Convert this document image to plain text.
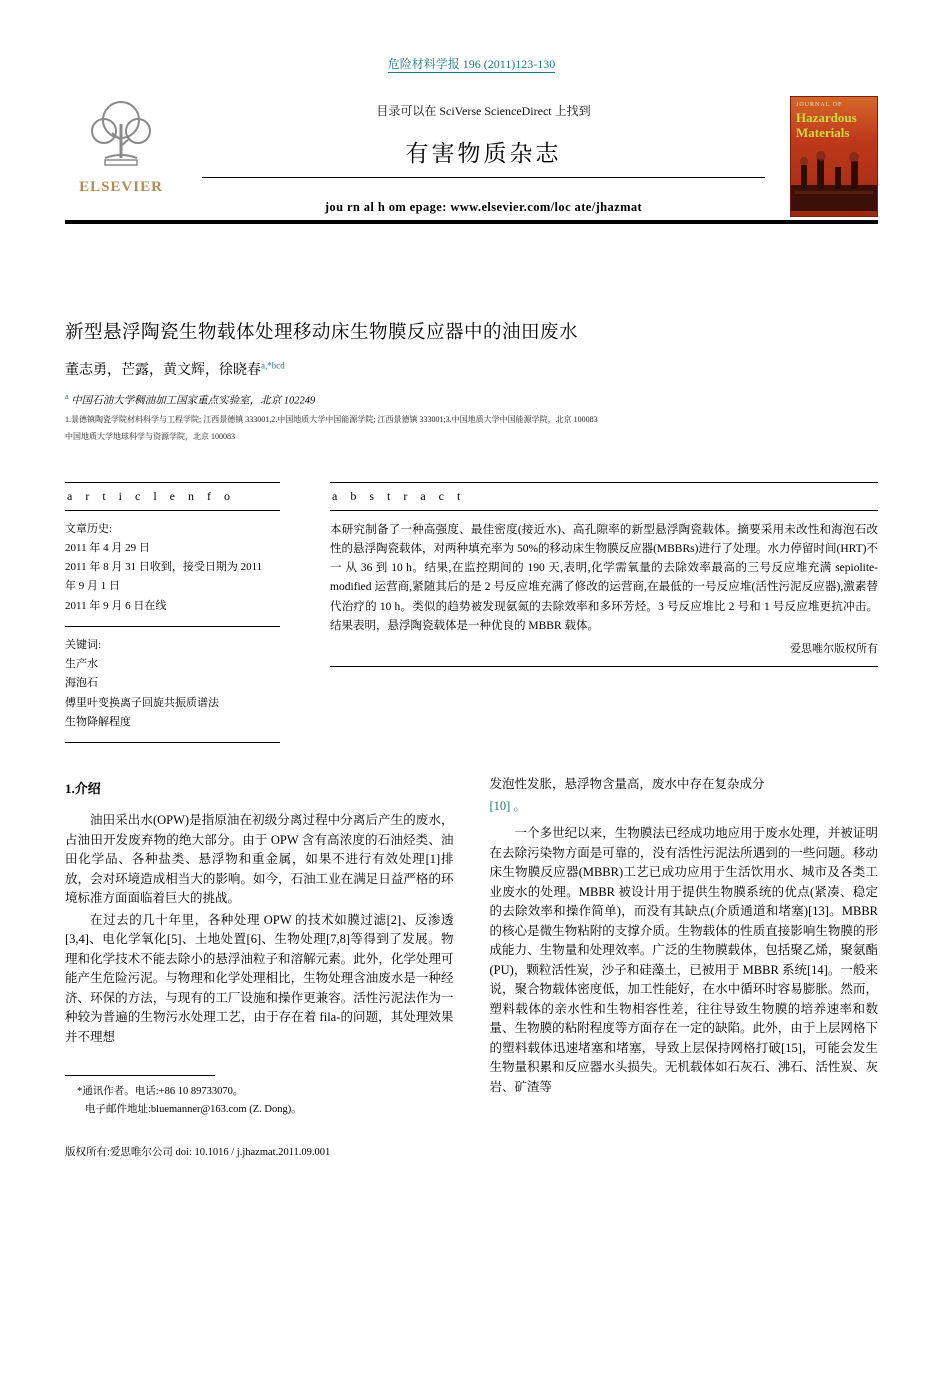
危险材料学报 196 (2011)123-130
ELSEVIER
目录可以在 SciVerse ScienceDirect 上找到
有害物质杂志
jou rn al h om epage: www.elsevier.com/loc ate/jhazmat
JOURNAL OF
Hazardous
Materials
新型悬浮陶瓷生物载体处理移动床生物膜反应器中的油田废水
董志勇，芒露，黄文辉，徐晓春$^{a,*bcd}$
$^a$ 中国石油大学稠油加工国家重点实验室，北京 102249
1.景德镇陶瓷学院材料科学与工程学院; 江西景德镇 333001,2.中国地质大学中国能源学院; 江西景德镇 333001;3.中国地质大学中国能源学院，北京 100083
中国地质大学地球科学与资源学院，北京 100083
a r t i c l e n f o
文章历史:
2011 年 4 月 29 日
2011 年 8 月 31 日收到，接受日期为 2011
年 9 月 1 日
2011 年 9 月 6 日在线
关键词:
生产水
海泡石
傅里叶变换离子回旋共振质谱法
生物降解程度
a b s t r a c t

本研究制备了一种高强度、最佳密度(接近水)、高孔隙率的新型悬浮陶瓷载体。摘要采用未改性和海泡石改性的悬浮陶瓷载体，对两种填充率为 50%的移动床生物膜反应器(MBBRs)进行了处理。水力停留时间(HRT)不一 从 36 到 10 h。结果,在监控期间的 190 天,表明,化学需氧量的去除效率最高的三号反应堆充满 sepiolite-modified 运营商,紧随其后的是 2 号反应堆充满了修改的运营商,在最低的一号反应堆(活性污泥反应器),激素替代治疗的 10 h。类似的趋势被发现氨氮的去除效率和多环芳烃。3 号反应堆比 2 号和 1 号反应堆更抗冲击。结果表明，悬浮陶瓷载体是一种优良的 MBBR 载体。

爱思唯尔版权所有
1.介绍

油田采出水(OPW)是指原油在初级分离过程中分离后产生的废水，占油田开发废弃物的绝大部分。由于 OPW 含有高浓度的石油烃类、油田化学品、各种盐类、悬浮物和重金属，如果不进行有效处理[1]排放，会对环境造成相当大的影响。如今，石油工业在满足日益严格的环境标准方面面临着巨大的挑战。

在过去的几十年里，各种处理 OPW 的技术如膜过滤[2]、反渗透[3,4]、电化学氧化[5]、土地处置[6]、生物处理[7,8]等得到了发展。物理和化学技术不能去除小的悬浮油粒子和溶解元素。此外，化学处理可能产生危险污泥。与物理和化学处理相比，生物处理含油废水是一种经济、环保的方法，与现有的工厂设施和操作更兼容。活性污泥法作为一种较为普遍的生物污水处理工艺，由于存在着 fila-的问题，其处理效果并不理想

*通讯作者。电话:+86 10 89733070。
电子邮件地址:bluemanner@163.com (Z. Dong)。
版权所有:爱思唯尔公司 doi: 10.1016 / j.jhazmat.2011.09.001

发泡性发胀，悬浮物含量高，废水中存在复杂成分

[10] 。

一个多世纪以来，生物膜法已经成功地应用于废水处理，并被证明在去除污染物方面是可靠的，没有活性污泥法所遇到的一些问题。移动床生物膜反应器(MBBR)工艺已成功应用于生活饮用水、城市及各类工业废水的处理。MBBR 被设计用于提供生物膜系统的优点(紧凑、稳定的去除效率和操作简单)，而没有其缺点(介质通道和堵塞)[13]。MBBR 的核心是微生物粘附的支撑介质。生物载体的性质直接影响生物膜的形成能力、生物量和处理效率。广泛的生物膜载体，包括聚乙烯，聚氨酯(PU)，颗粒活性炭，沙子和硅藻土，已被用于 MBBR 系统[14]。一般来说，聚合物载体密度低，加工性能好，在水中循环时容易膨胀。然而，塑料载体的亲水性和生物相容性差，往往导致生物膜的培养速率和数量、生物膜的粘附程度等方面存在一定的缺陷。此外，由于上层网格下的塑料载体迅速堵塞和堵塞，导致上层保持网格打破[15]，可能会发生生物量积累和反应器水头损失。无机载体如石灰石、沸石、活性炭、灰岩、矿渣等
